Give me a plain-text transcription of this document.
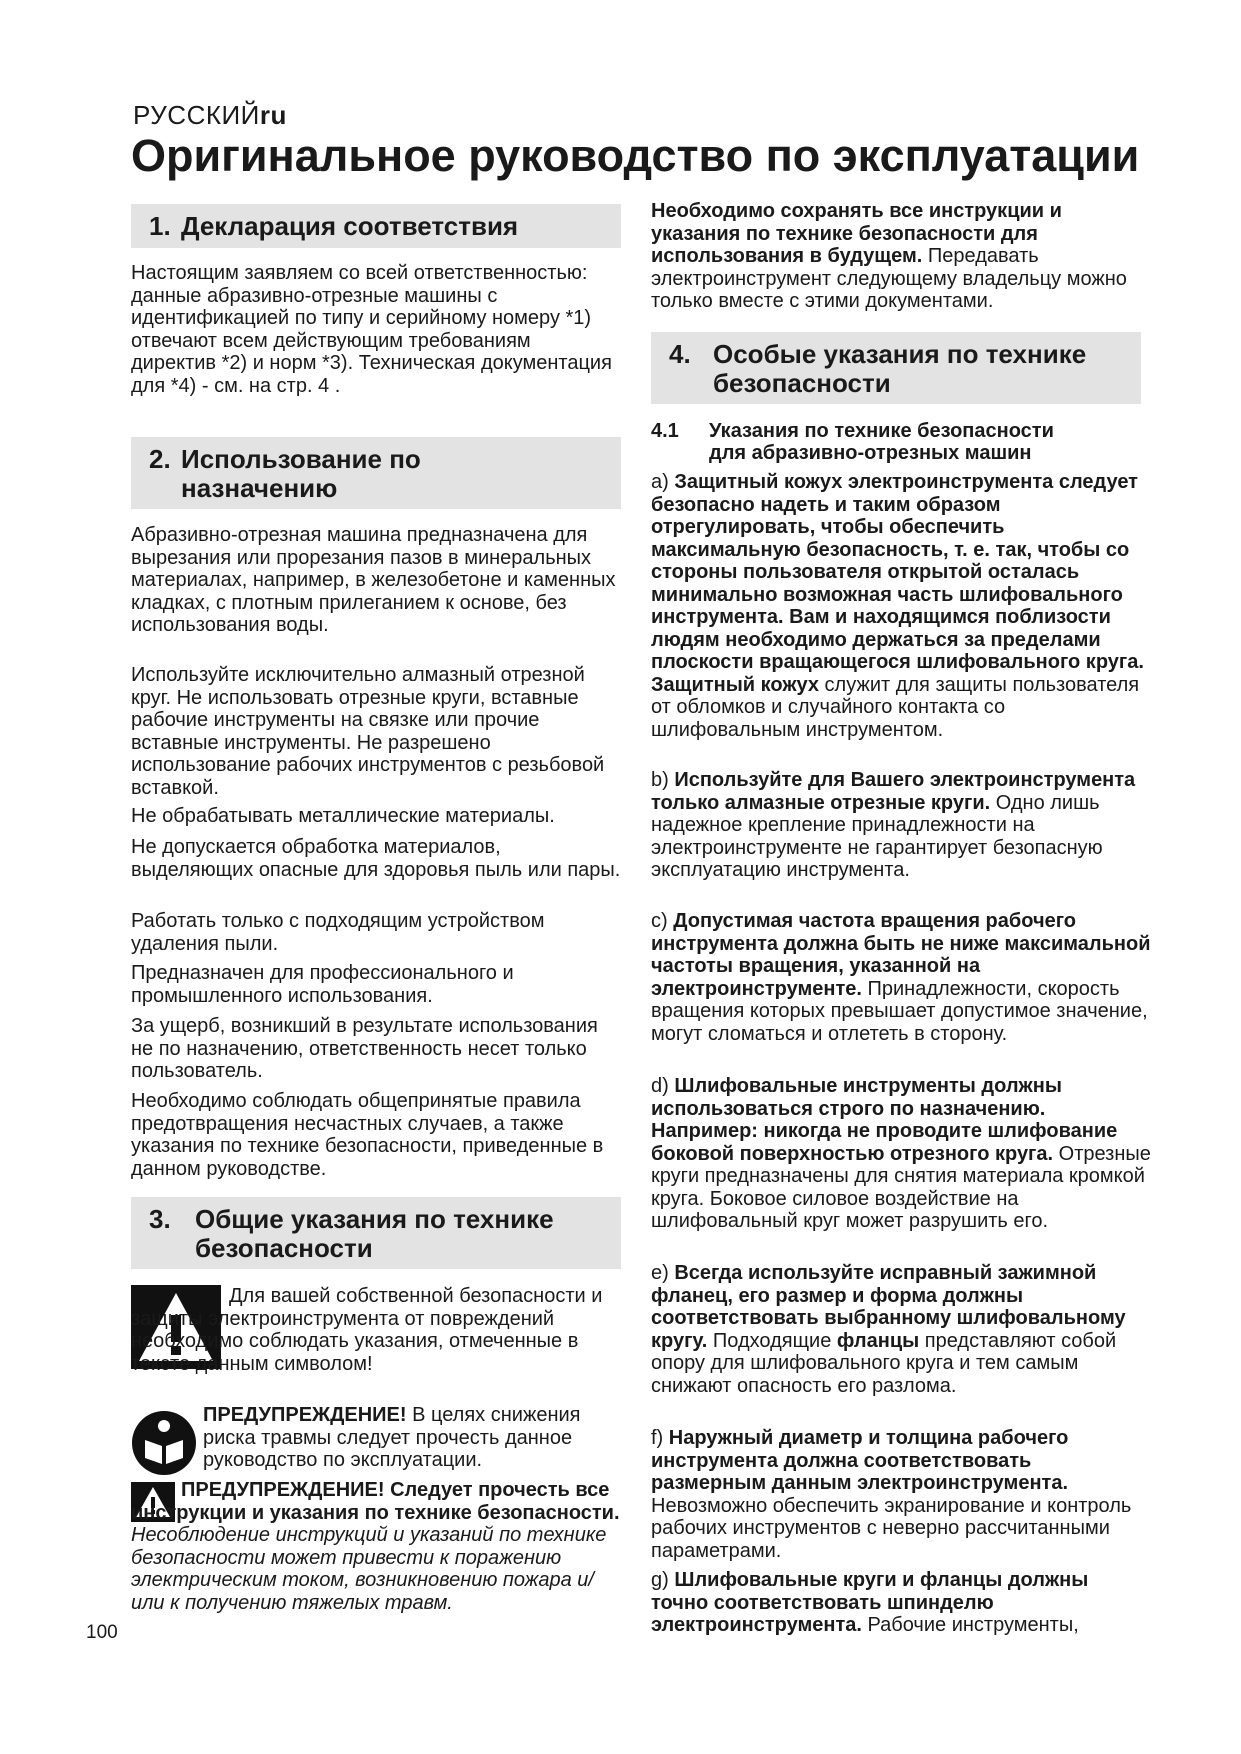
РУССКИЙru
Оригинальное руководство по эксплуатации
1. Декларация соответствия

Настоящим заявляем со всей ответственностью: данные абразивно-отрезные машины с идентификацией по типу и серийному номеру *1) отвечают всем действующим требованиям директив *2) и норм *3). Техническая документация для *4) - см. на стр. 4 .

2. Использование по назначению

Абразивно-отрезная машина предназначена для вырезания или прорезания пазов в минеральных материалах, например, в железобетоне и каменных кладках, с плотным прилеганием к основе, без использования воды.

Используйте исключительно алмазный отрезной круг. Не использовать отрезные круги, вставные рабочие инструменты на связке или прочие вставные инструменты. Не разрешено использование рабочих инструментов с резьбовой вставкой.

Не обрабатывать металлические материалы.

Не допускается обработка материалов, выделяющих опасные для здоровья пыль или пары.

Работать только с подходящим устройством удаления пыли.

Предназначен для профессионального и промышленного использования.

За ущерб, возникший в результате использования не по назначению, ответственность несет только пользователь.

Необходимо соблюдать общепринятые правила предотвращения несчастных случаев, а также указания по технике безопасности, приведенные в данном руководстве.

3. Общие указания по технике безопасности

Для вашей собственной безопасности и защиты электроинструмента от повреждений необходимо соблюдать указания, отмеченные в тексте данным символом!

ПРЕДУПРЕЖДЕНИЕ! В целях снижения риска травмы следует прочесть данное руководство по эксплуатации.

ПРЕДУПРЕЖДЕНИЕ! Следует прочесть все инструкции и указания по технике безопасности. Несоблюдение инструкций и указаний по технике безопасности может привести к поражению электрическим током, возникновению пожара и/или к получению тяжелых травм.

100

Необходимо сохранять все инструкции и указания по технике безопасности для использования в будущем. Передавать электроинструмент следующему владельцу можно только вместе с этими документами.

4. Особые указания по технике безопасности
4.1 Указания по технике безопасности для абразивно-отрезных машин

a) Защитный кожух электроинструмента следует безопасно надеть и таким образом отрегулировать, чтобы обеспечить максимальную безопасность, т. е. так, чтобы со стороны пользователя открытой осталась минимально возможная часть шлифовального инструмента. Вам и находящимся поблизости людям необходимо держаться за пределами плоскости вращающегося шлифовального круга. Защитный кожух служит для защиты пользователя от обломков и случайного контакта со шлифовальным инструментом.

b) Используйте для Вашего электроинструмента только алмазные отрезные круги. Одно лишь надежное крепление принадлежности на электроинструменте не гарантирует безопасную эксплуатацию инструмента.

c) Допустимая частота вращения рабочего инструмента должна быть не ниже максимальной частоты вращения, указанной на электроинструменте. Принадлежности, скорость вращения которых превышает допустимое значение, могут сломаться и отлететь в сторону.

d) Шлифовальные инструменты должны использоваться строго по назначению. Например: никогда не проводите шлифование боковой поверхностью отрезного круга. Отрезные круги предназначены для снятия материала кромкой круга. Боковое силовое воздействие на шлифовальный круг может разрушить его.

e) Всегда используйте исправный зажимной фланец, его размер и форма должны соответствовать выбранному шлифовальному кругу. Подходящие фланцы представляют собой опору для шлифовального круга и тем самым снижают опасность его разлома.

f) Наружный диаметр и толщина рабочего инструмента должна соответствовать размерным данным электроинструмента. Невозможно обеспечить экранирование и контроль рабочих инструментов с неверно рассчитанными параметрами.

g) Шлифовальные круги и фланцы должны точно соответствовать шпинделю электроинструмента. Рабочие инструменты,
